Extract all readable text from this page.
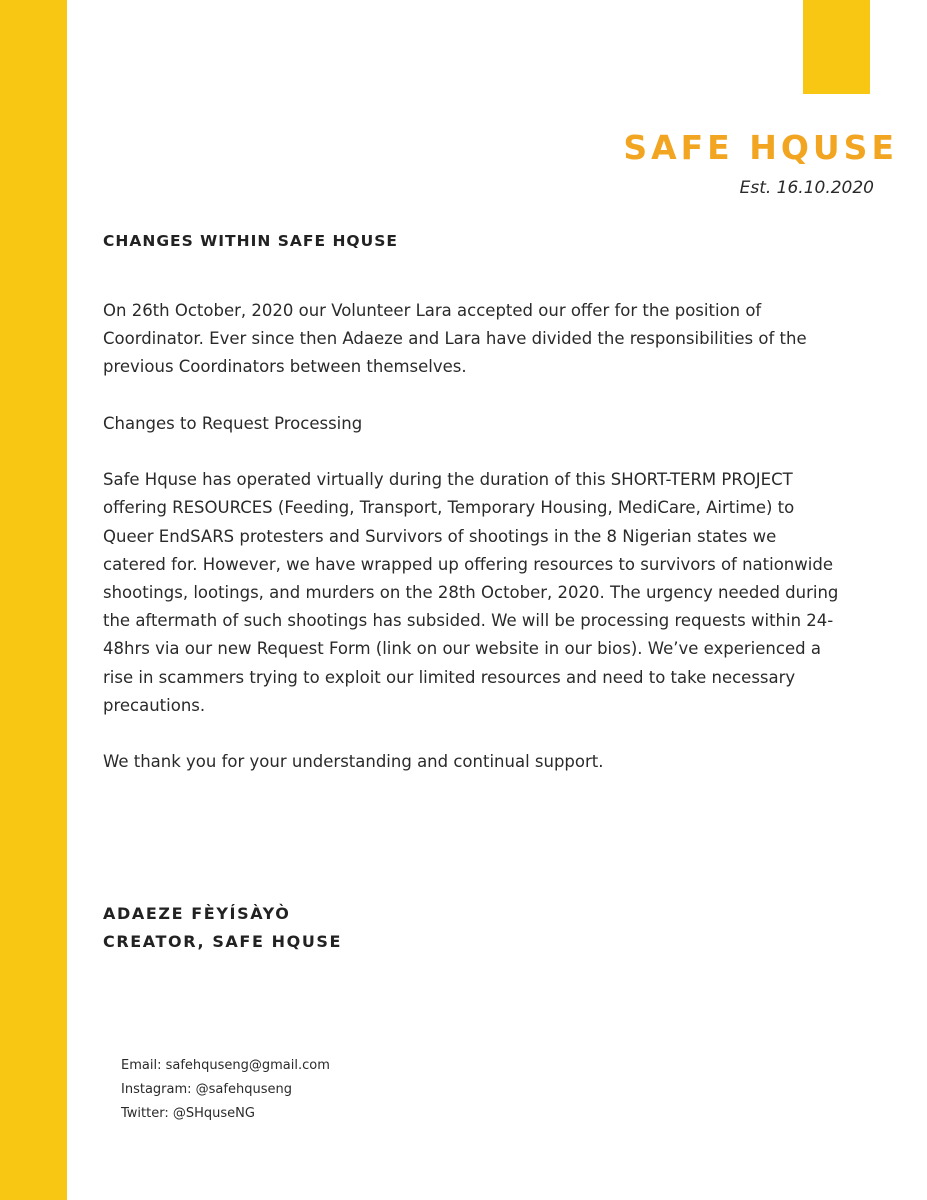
SAFE HQUSE
Est. 16.10.2020
CHANGES WITHIN SAFE HQUSE

On 26th October, 2020 our Volunteer Lara accepted our offer for the position of Coordinator. Ever since then Adaeze and Lara have divided the responsibilities of the previous Coordinators between themselves.

Changes to Request Processing

Safe Hquse has operated virtually during the duration of this SHORT-TERM PROJECT offering RESOURCES (Feeding, Transport, Temporary Housing, MediCare, Airtime) to Queer EndSARS protesters and Survivors of shootings in the 8 Nigerian states we catered for. However, we have wrapped up offering resources to survivors of nationwide shootings, lootings, and murders on the 28th October, 2020. The urgency needed during the aftermath of such shootings has subsided. We will be processing requests within 24-48hrs via our new Request Form (link on our website in our bios). We’ve experienced a rise in scammers trying to exploit our limited resources and need to take necessary precautions.

We thank you for your understanding and continual support.

ADAEZE FÈYÍSÀYÒ
CREATOR, SAFE HQUSE
Email: safehquseng@gmail.com
Instagram: @safehquseng
Twitter: @SHquseNG
